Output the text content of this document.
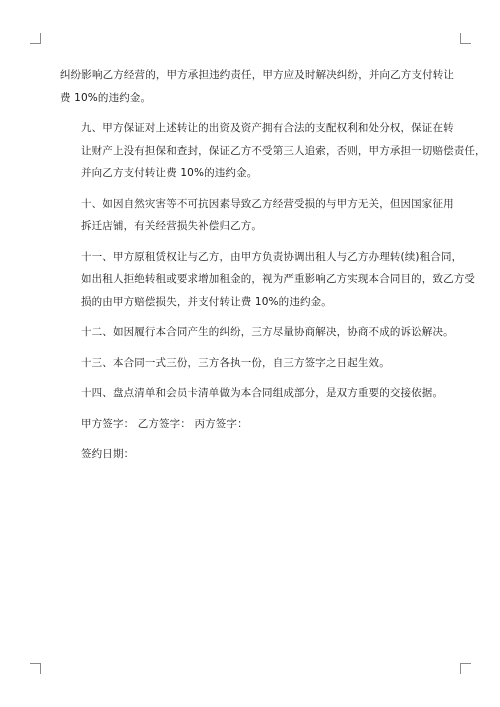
纠纷影响乙方经营的，甲方承担违约责任，甲方应及时解决纠纷，并向乙方支付转让
费 10%的违约金。

九、甲方保证对上述转让的出资及资产拥有合法的支配权利和处分权，保证在转
让财产上没有担保和查封，保证乙方不受第三人追索，否则，甲方承担一切赔偿责任，
并向乙方支付转让费 10%的违约金。

十、如因自然灾害等不可抗因素导致乙方经营受损的与甲方无关，但因国家征用
拆迁店铺，有关经营损失补偿归乙方。

十一、甲方原租赁权让与乙方，由甲方负责协调出租人与乙方办理转(续)租合同，
如出租人拒绝转租或要求增加租金的，视为严重影响乙方实现本合同目的，致乙方受
损的由甲方赔偿损失，并支付转让费 10%的违约金。

十二、如因履行本合同产生的纠纷，三方尽量协商解决，协商不成的诉讼解决。

十三、本合同一式三份，三方各执一份，自三方签字之日起生效。

十四、盘点清单和会员卡清单做为本合同组成部分，是双方重要的交接依据。

甲方签字： 乙方签字： 丙方签字：

签约日期：
